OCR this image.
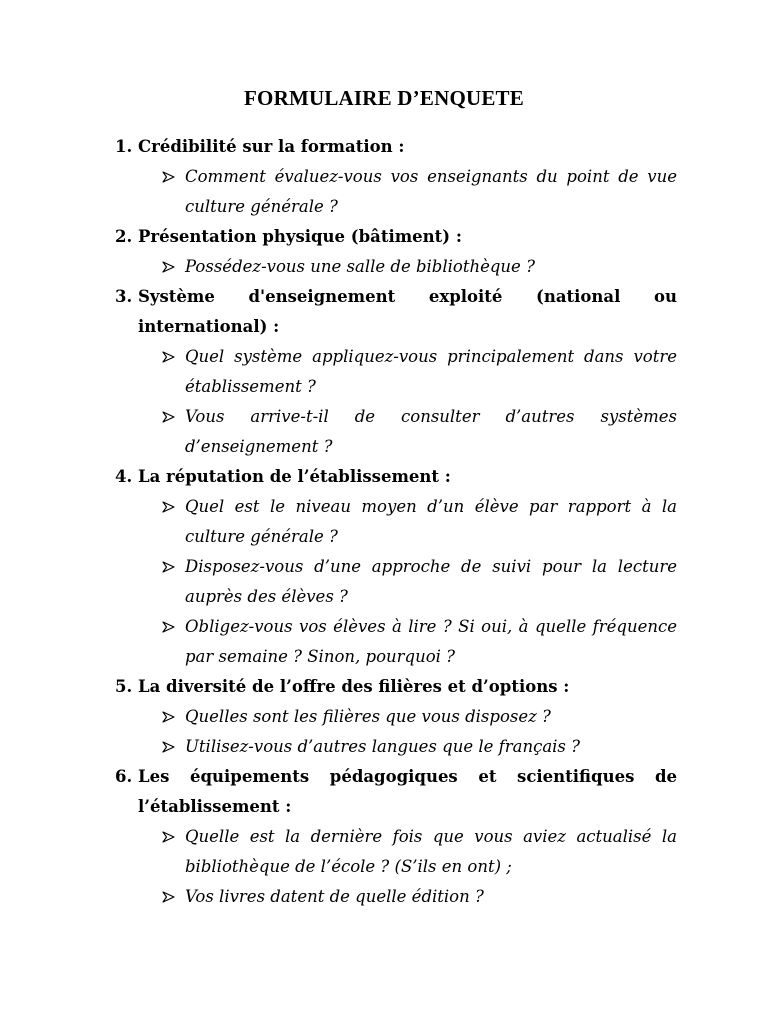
FORMULAIRE D’ENQUETE
1. Crédibilité sur la formation :
Comment évaluez-vous vos enseignants du point de vue culture générale ?
2. Présentation physique (bâtiment) :
Possédez-vous une salle de bibliothèque ?
3. Système d'enseignement exploité (national ou international) :
Quel système appliquez-vous principalement dans votre établissement ?
Vous arrive-t-il de consulter d’autres systèmes d’enseignement ?
4. La réputation de l’établissement :
Quel est le niveau moyen d’un élève par rapport à la culture générale ?
Disposez-vous d’une approche de suivi pour la lecture auprès des élèves ?
Obligez-vous vos élèves à lire ? Si oui, à quelle fréquence par semaine ? Sinon, pourquoi ?
5. La diversité de l’offre des filières et d’options :
Quelles sont les filières que vous disposez ?
Utilisez-vous d’autres langues que le français ?
6. Les équipements pédagogiques et scientifiques de l’établissement :
Quelle est la dernière fois que vous aviez actualisé la bibliothèque de l’école ? (S’ils en ont) ;
Vos livres datent de quelle édition ?
